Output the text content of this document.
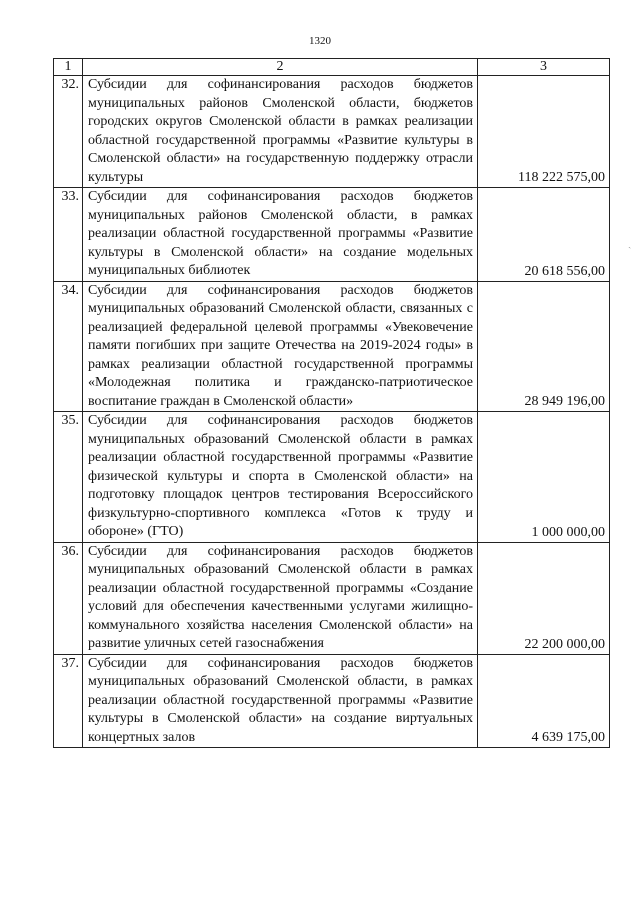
1320
1	2	3
32.	Субсидии для софинансирования расходов бюджетов муниципальных районов Смоленской области, бюджетов городских округов Смоленской области в рамках реализации областной государственной программы «Развитие культуры в Смоленской области» на государственную поддержку отрасли культуры	118 222 575,00
33.	Субсидии для софинансирования расходов бюджетов муниципальных районов Смоленской области, в рамках реализации областной государственной программы «Развитие культуры в Смоленской области» на создание модельных муниципальных библиотек	20 618 556,00
34.	Субсидии для софинансирования расходов бюджетов муниципальных образований Смоленской области, связанных с реализацией федеральной целевой программы «Увековечение памяти погибших при защите Отечества на 2019-2024 годы» в рамках реализации областной государственной программы «Молодежная политика и гражданско-патриотическое воспитание граждан в Смоленской области»	28 949 196,00
35.	Субсидии для софинансирования расходов бюджетов муниципальных образований Смоленской области в рамках реализации областной государственной программы «Развитие физической культуры и спорта в Смоленской области» на подготовку площадок центров тестирования Всероссийского физкультурно-спортивного комплекса «Готов к труду и обороне» (ГТО)	1 000 000,00
36.	Субсидии для софинансирования расходов бюджетов муниципальных образований Смоленской области в рамках реализации областной государственной программы «Создание условий для обеспечения качественными услугами жилищно-коммунального хозяйства населения Смоленской области» на развитие уличных сетей газоснабжения	22 200 000,00
37.	Субсидии для софинансирования расходов бюджетов муниципальных образований Смоленской области, в рамках реализации областной государственной программы «Развитие культуры в Смоленской области» на создание виртуальных концертных залов	4 639 175,00
ˏ
